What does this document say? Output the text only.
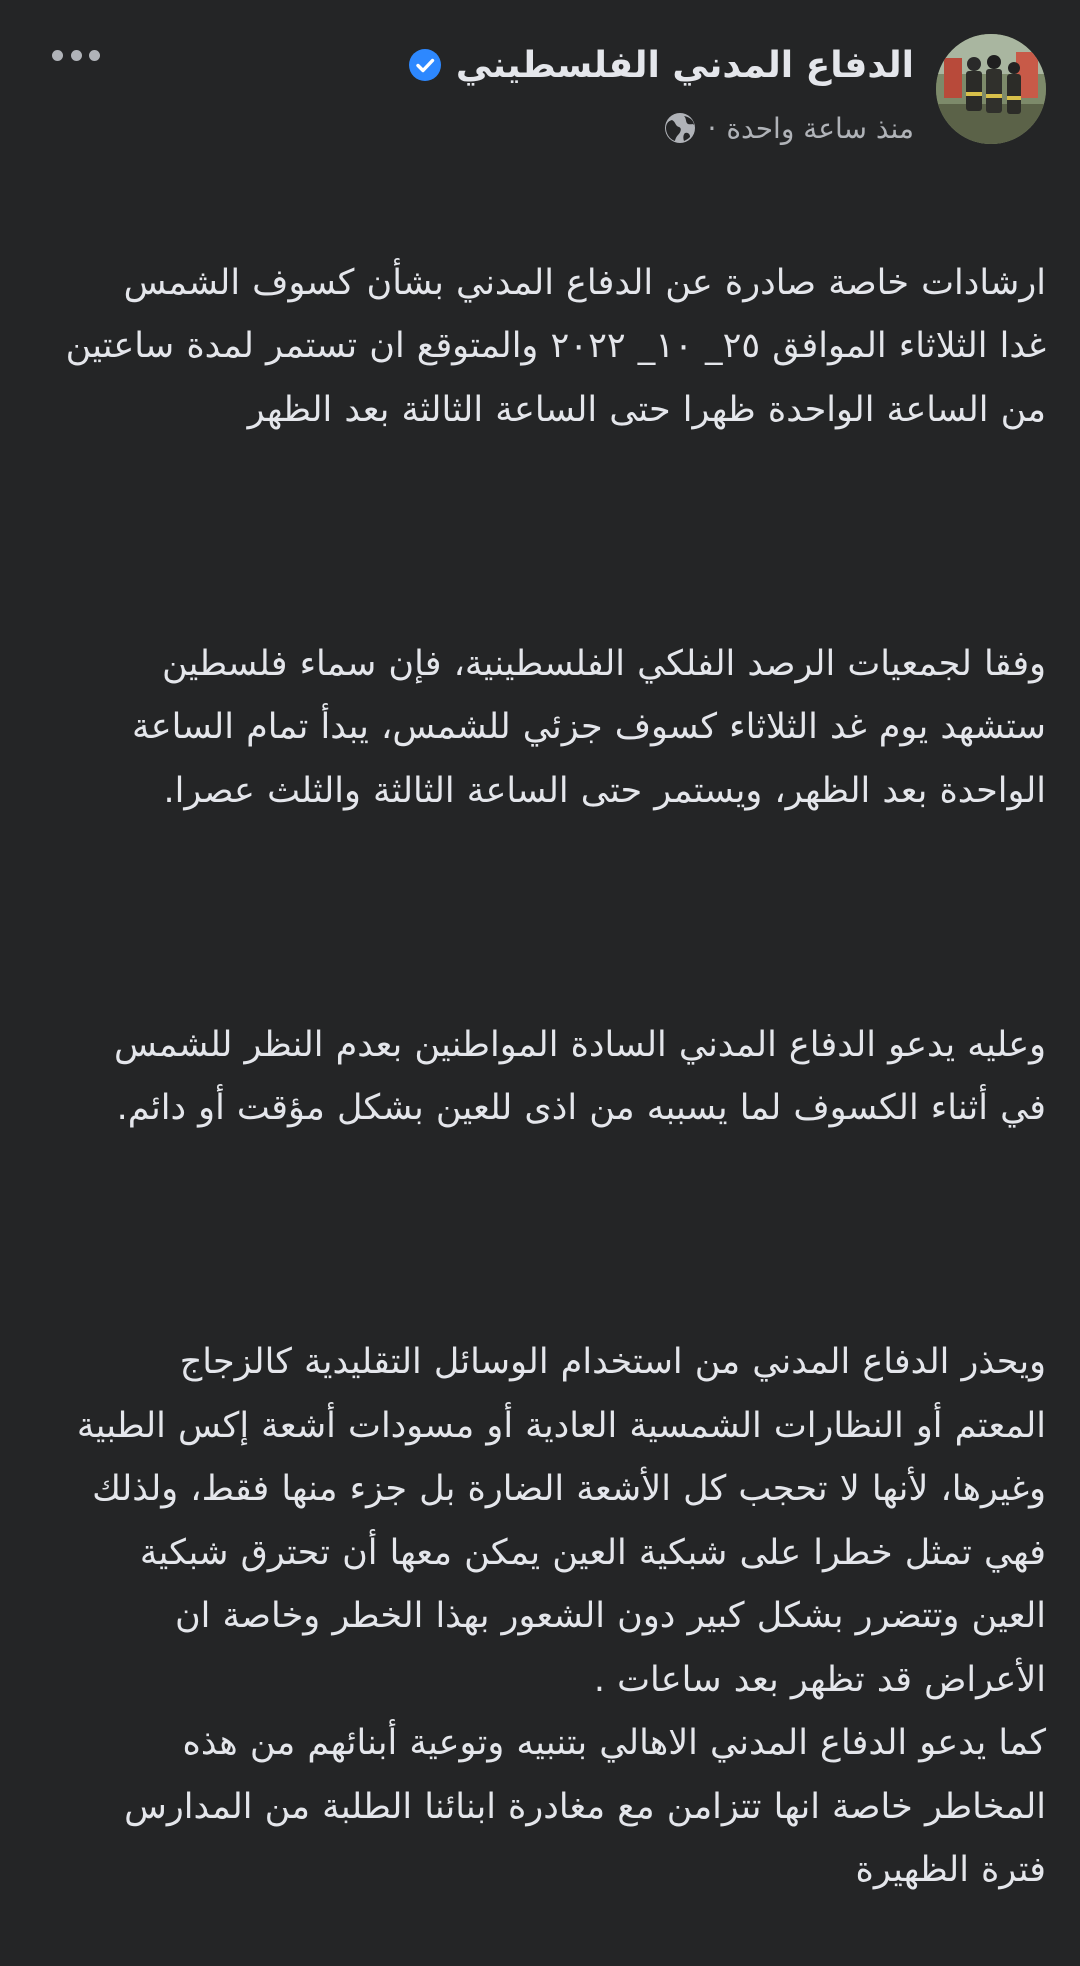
الدفاع المدني الفلسطيني
منذ ساعة واحدة
·

ارشادات خاصة صادرة عن الدفاع المدني بشأن كسوف الشمس
غدا الثلاثاء الموافق ٢٥_ ١٠_ ٢٠٢٢ والمتوقع ان تستمر لمدة ساعتين
من الساعة الواحدة ظهرا حتى الساعة الثالثة بعد الظهر

وفقا لجمعيات الرصد الفلكي الفلسطينية، فإن سماء فلسطين
ستشهد يوم غد الثلاثاء كسوف جزئي للشمس، يبدأ تمام الساعة
الواحدة بعد الظهر، ويستمر حتى الساعة الثالثة والثلث عصرا.

وعليه يدعو الدفاع المدني السادة المواطنين بعدم النظر للشمس
في أثناء الكسوف لما يسببه من اذى للعين بشكل مؤقت أو دائم.

ويحذر الدفاع المدني من استخدام الوسائل التقليدية كالزجاج
المعتم أو النظارات الشمسية العادية أو مسودات أشعة إكس الطبية
وغيرها، لأنها لا تحجب كل الأشعة الضارة بل جزء منها فقط، ولذلك
فهي تمثل خطرا على شبكية العين يمكن معها أن تحترق شبكية
العين وتتضرر بشكل كبير دون الشعور بهذا الخطر وخاصة ان
الأعراض قد تظهر بعد ساعات .
كما يدعو الدفاع المدني الاهالي بتنبيه وتوعية أبنائهم من هذه
المخاطر خاصة انها تتزامن مع مغادرة ابنائنا الطلبة من المدارس
فترة الظهيرة
